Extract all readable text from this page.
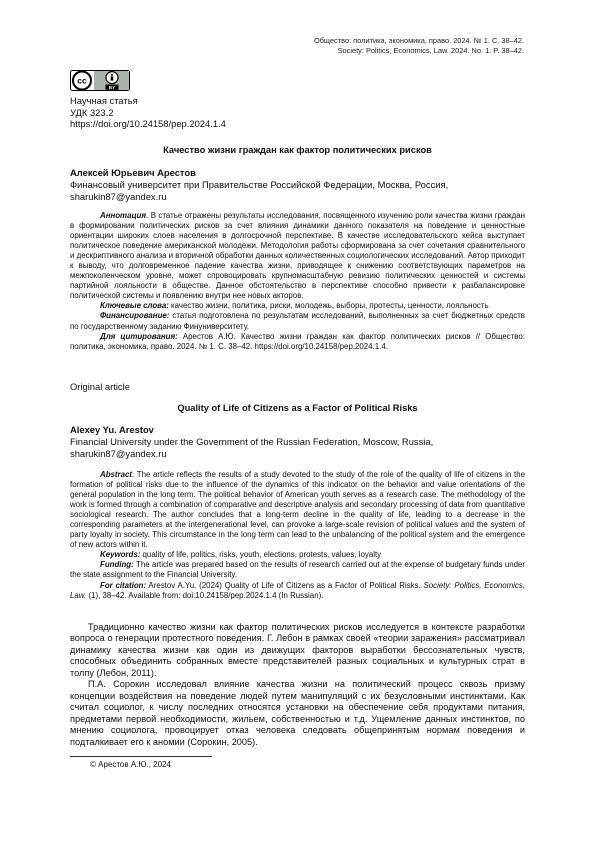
Общество: политика, экономика, право. 2024. № 1. С. 38–42.
Society: Politics, Economics, Law. 2024. No. 1. P. 38–42.
cc
BY
Научная статья
УДК 323.2
https://doi.org/10.24158/pep.2024.1.4
Качество жизни граждан как фактор политических рисков
Алексей Юрьевич Арестов
Финансовый университет при Правительстве Российской Федерации, Москва, Россия,
sharukin87@yandex.ru

Аннотация. В статье отражены результаты исследования, посвященного изучению роли качества жизни граждан в формировании политических рисков за счет влияния динамики данного показателя на поведение и ценностные ориентации широких слоев населения в долгосрочной перспективе. В качестве исследовательского кейса выступает политическое поведение американской молодежи. Методология работы сформирована за счет сочетания сравнительного и дескриптивного анализа и вторичной обработки данных количественных социологических исследований. Автор приходит к выводу, что долговременное падение качества жизни, приводящее к снижению соответствующих параметров на межпоколенческом уровне, может спровоцировать крупномасштабную ревизию политических ценностей и системы партийной лояльности в обществе. Данное обстоятельство в перспективе способно привести к разбалансировке политической системы и появлению внутри нее новых акторов.

Ключевые слова: качество жизни, политика, риски, молодежь, выборы, протесты, ценности, лояльность

Финансирование: статья подготовлена по результатам исследований, выполненных за счет бюджетных средств по государственному заданию Финуниверситету.

Для цитирования: Арестов А.Ю. Качество жизни граждан как фактор политических рисков // Общество: политика, экономика, право. 2024. № 1. С. 38–42. https://doi.org/10.24158/pep.2024.1.4.

Original article
Quality of Life of Citizens as a Factor of Political Risks
Alexey Yu. Arestov
Financial University under the Government of the Russian Federation, Moscow, Russia,
sharukin87@yandex.ru

Abstract. The article reflects the results of a study devoted to the study of the role of the quality of life of citizens in the formation of political risks due to the influence of the dynamics of this indicator on the behavior and value orientations of the general population in the long term. The political behavior of American youth serves as a research case. The methodology of the work is formed through a combination of comparative and descriptive analysis and secondary processing of data from quantitative sociological research. The author concludes that a long-term decline in the quality of life, leading to a decrease in the corresponding parameters at the intergenerational level, can provoke a large-scale revision of political values and the system of party loyalty in society. This circumstance in the long term can lead to the unbalancing of the political system and the emergence of new actors within it.

Keywords: quality of life, politics, risks, youth, elections, protests, values, loyalty

Funding: The article was prepared based on the results of research carried out at the expense of budgetary funds under the state assignment to the Financial University.

For citation: Arestov A.Yu. (2024) Quality of Life of Citizens as a Factor of Political Risks. Society: Politics, Economics, Law. (1), 38–42. Available from: doi:10.24158/pep.2024.1.4 (In Russian).

Традиционно качество жизни как фактор политических рисков исследуется в контексте разработки вопроса о генерации протестного поведения. Г. Лебон в рамках своей «теории заражения» рассматривал динамику качества жизни как один из движущих факторов выработки бессознательных чувств, способных объединить собранных вместе представителей разных социальных и культурных страт в толпу (Лебон, 2011).

П.А. Сорокин исследовал влияние качества жизни на политический процесс сквозь призму концепции воздействия на поведение людей путем манипуляций с их безусловными инстинктами. Как считал социолог, к числу последних относятся установки на обеспечение себя продуктами питания, предметами первой необходимости, жильем, собственностью и т.д. Ущемление данных инстинктов, по мнению социолога, провоцирует отказ человека следовать общепринятым нормам поведения и подталкивает его к аномии (Сорокин, 2005).

© Арестов А.Ю., 2024
